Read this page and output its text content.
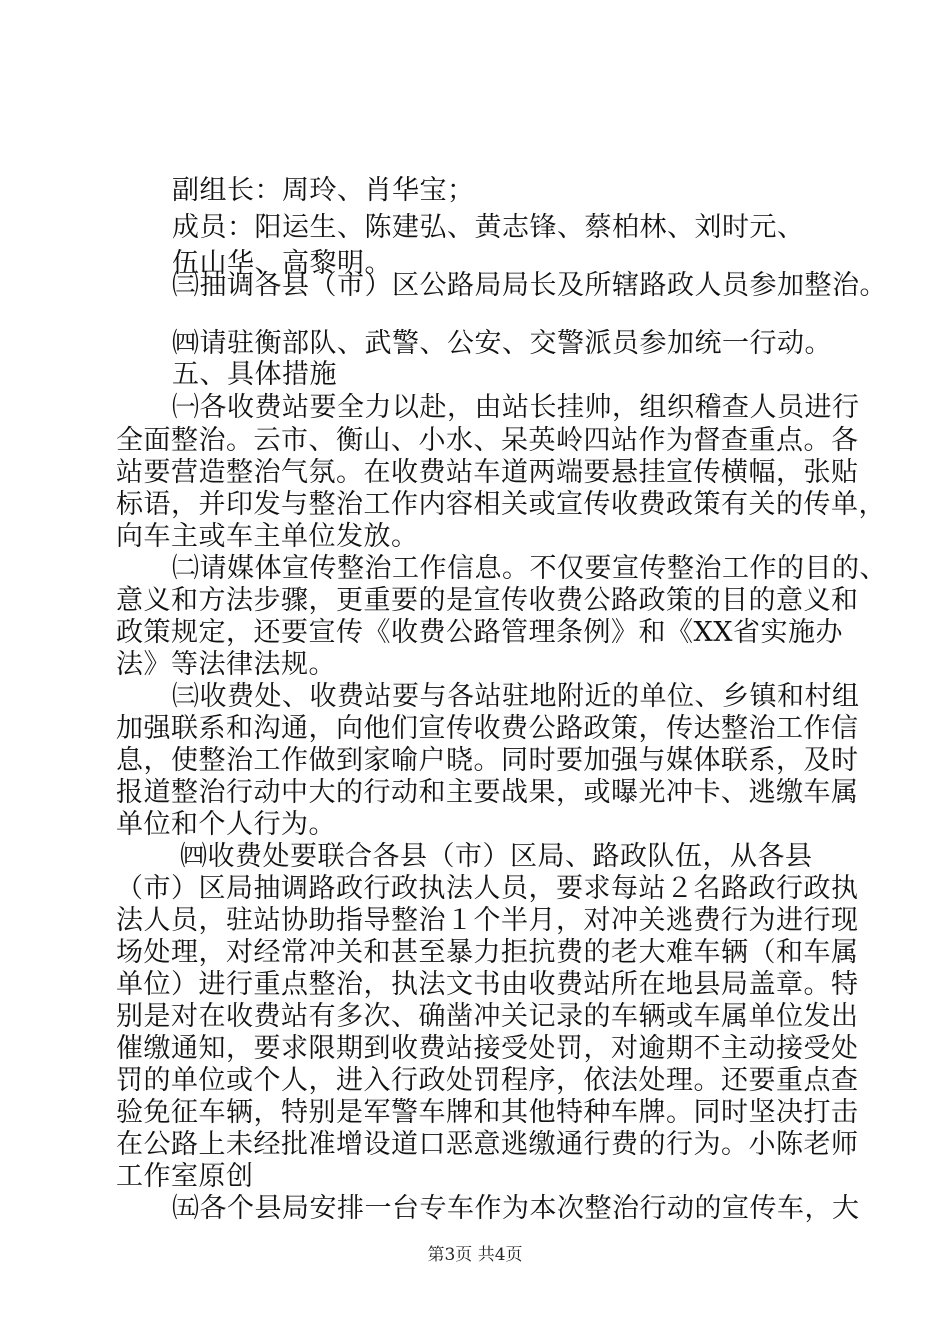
副组长：周玲、肖华宝；
成员：阳运生、陈建弘、黄志锋、蔡柏林、刘时元、
伍山华、高黎明。
㈢抽调各县（市）区公路局局长及所辖路政人员参加整治。
㈣请驻衡部队、武警、公安、交警派员参加统一行动。
五、具体措施
㈠各收费站要全力以赴，由站长挂帅，组织稽查人员进行
全面整治。云市、衡山、小水、呆英岭四站作为督查重点。各
站要营造整治气氛。在收费站车道两端要悬挂宣传横幅，张贴
标语，并印发与整治工作内容相关或宣传收费政策有关的传单，
向车主或车主单位发放。
㈡请媒体宣传整治工作信息。不仅要宣传整治工作的目的、
意义和方法步骤，更重要的是宣传收费公路政策的目的意义和
政策规定，还要宣传《收费公路管理条例》和《XX省实施办
法》等法律法规。
㈢收费处、收费站要与各站驻地附近的单位、乡镇和村组
加强联系和沟通，向他们宣传收费公路政策，传达整治工作信
息，使整治工作做到家喻户晓。同时要加强与媒体联系，及时
报道整治行动中大的行动和主要战果，或曝光冲卡、逃缴车属
单位和个人行为。
㈣收费处要联合各县（市）区局、路政队伍，从各县
（市）区局抽调路政行政执法人员，要求每站２名路政行政执
法人员，驻站协助指导整治１个半月，对冲关逃费行为进行现
场处理，对经常冲关和甚至暴力拒抗费的老大难车辆（和车属
单位）进行重点整治，执法文书由收费站所在地县局盖章。特
别是对在收费站有多次、确凿冲关记录的车辆或车属单位发出
催缴通知，要求限期到收费站接受处罚，对逾期不主动接受处
罚的单位或个人，进入行政处罚程序，依法处理。还要重点查
验免征车辆，特别是军警车牌和其他特种车牌。同时坚决打击
在公路上未经批准增设道口恶意逃缴通行费的行为。小陈老师
工作室原创
㈤各个县局安排一台专车作为本次整治行动的宣传车，大
第3页 共4页
